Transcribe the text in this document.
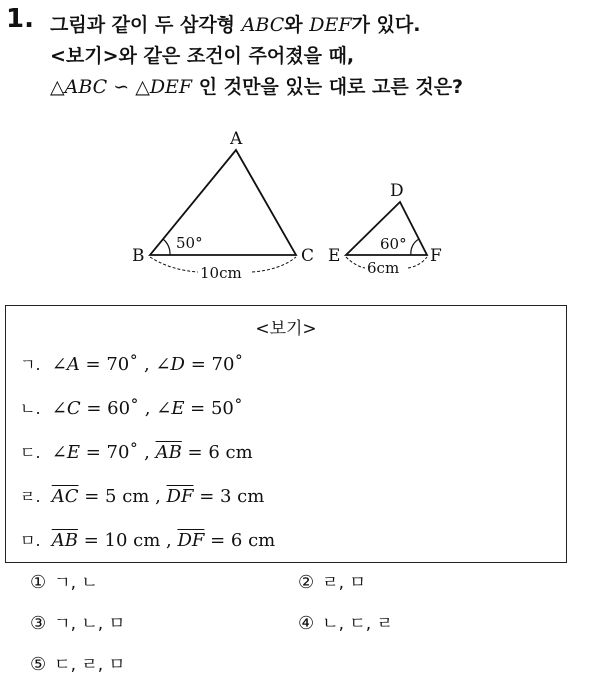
1. 그림과 같이 두 삼각형 ABC와 DEF가 있다.
<보기>와 같은 조건이 주어졌을 때,
△ABC ∽ △DEF 인 것만을 있는 대로 고른 것은?
A
B	C
50°
10cm
D
E	F
60°
6cm
<보기>
ㄱ. ∠A = 70˚ , ∠D = 70˚
ㄴ. ∠C = 60˚ , ∠E = 50˚
ㄷ. ∠E = 70˚ , $\overline{AB} = 6$ cm
ㄹ. $\overline{AC} = 5$ cm , $\overline{DF} = 3$ cm
ㅁ. $\overline{AB} = 10$ cm , $\overline{DF} = 6$ cm
① ㄱ, ㄴ	② ㄹ, ㅁ
③ ㄱ, ㄴ, ㅁ	④ ㄴ, ㄷ, ㄹ
⑤ ㄷ, ㄹ, ㅁ
